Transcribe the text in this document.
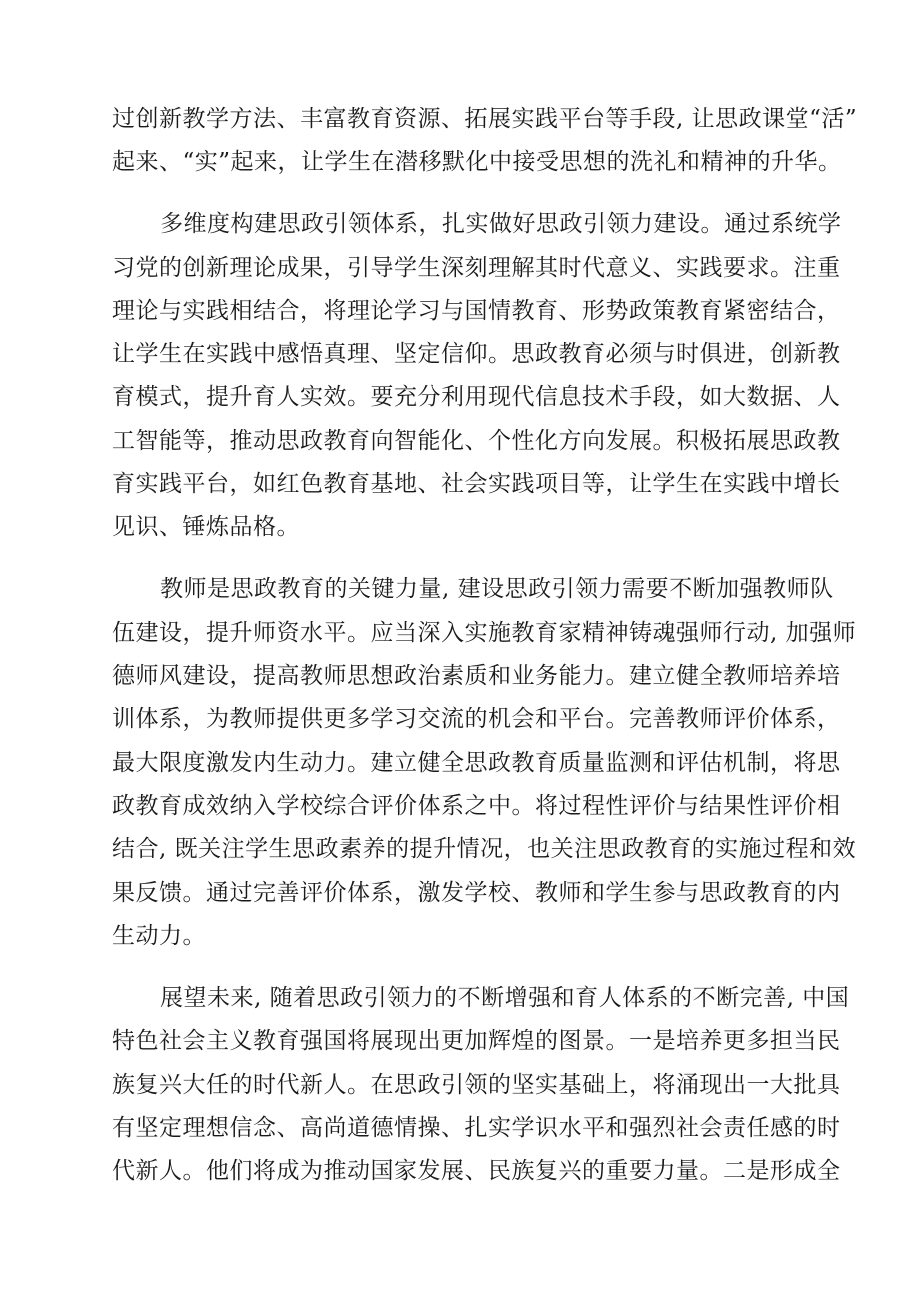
过创新教学方法、丰富教育资源、拓展实践平台等手段, 让思政课堂“活”
起来、“实”起来，让学生在潜移默化中接受思想的洗礼和精神的升华。
多维度构建思政引领体系，扎实做好思政引领力建设。通过系统学
习党的创新理论成果，引导学生深刻理解其时代意义、实践要求。注重
理论与实践相结合，将理论学习与国情教育、形势政策教育紧密结合，
让学生在实践中感悟真理、坚定信仰。思政教育必须与时俱进，创新教
育模式，提升育人实效。要充分利用现代信息技术手段，如大数据、人
工智能等，推动思政教育向智能化、个性化方向发展。积极拓展思政教
育实践平台，如红色教育基地、社会实践项目等，让学生在实践中增长
见识、锤炼品格。
教师是思政教育的关键力量, 建设思政引领力需要不断加强教师队
伍建设，提升师资水平。应当深入实施教育家精神铸魂强师行动, 加强师
德师风建设，提高教师思想政治素质和业务能力。建立健全教师培养培
训体系，为教师提供更多学习交流的机会和平台。完善教师评价体系，
最大限度激发内生动力。建立健全思政教育质量监测和评估机制，将思
政教育成效纳入学校综合评价体系之中。将过程性评价与结果性评价相
结合, 既关注学生思政素养的提升情况，也关注思政教育的实施过程和效
果反馈。通过完善评价体系，激发学校、教师和学生参与思政教育的内
生动力。
展望未来, 随着思政引领力的不断增强和育人体系的不断完善, 中国
特色社会主义教育强国将展现出更加辉煌的图景。一是培养更多担当民
族复兴大任的时代新人。在思政引领的坚实基础上，将涌现出一大批具
有坚定理想信念、高尚道德情操、扎实学识水平和强烈社会责任感的时
代新人。他们将成为推动国家发展、民族复兴的重要力量。二是形成全
